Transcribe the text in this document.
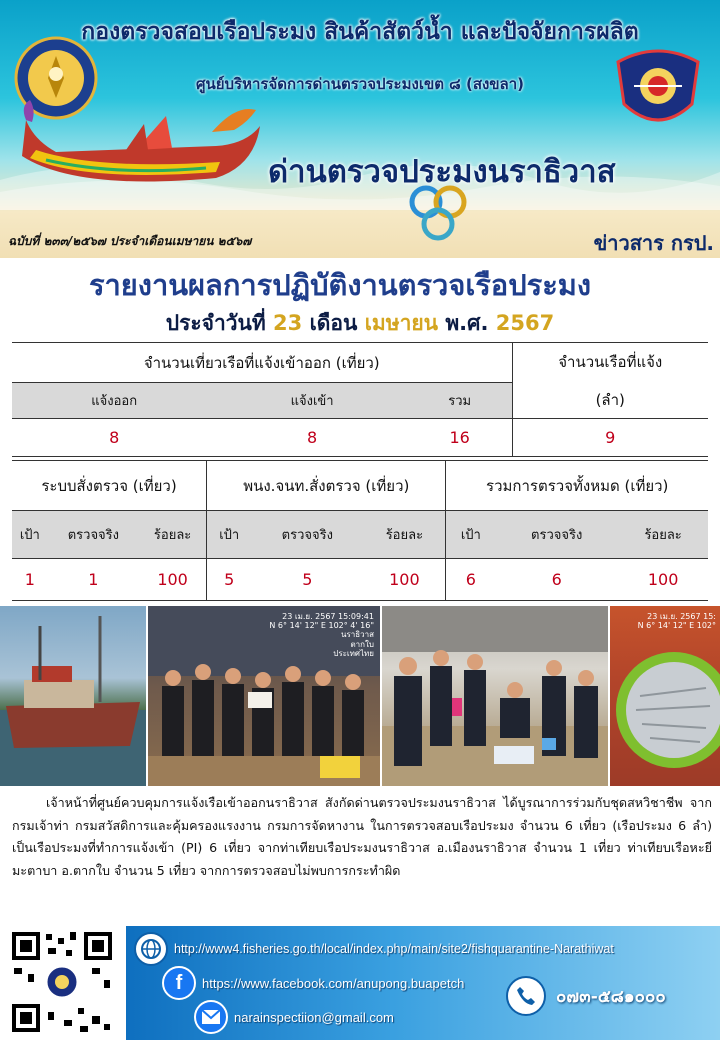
กองตรวจสอบเรือประมง สินค้าสัตว์น้ำ และปัจจัยการผลิต
ศูนย์บริหารจัดการด่านตรวจประมงเขต ๘ (สงขลา)
ด่านตรวจประมงนราธิวาส
ฉบับที่ ๒๓๓/๒๕๖๗ ประจำเดือนเมษายน ๒๕๖๗	ข่าวสาร กรป.
รายงานผลการปฏิบัติงานตรวจเรือประมง
ประจำวันที่ 23 เดือน เมษายน พ.ศ. 2567
จำนวนเที่ยวเรือที่แจ้งเข้าออก (เที่ยว)			จำนวนเรือที่แจ้ง
(ลำ)

แจ้งออก	แจ้งเข้า	รวม	
8	8	16	9
ระบบสั่งตรวจ (เที่ยว)			พนง.จนท.สั่งตรวจ (เที่ยว)			รวมการตรวจทั้งหมด (เที่ยว)		
เป้า	ตรวจจริง	ร้อยละ	เป้า	ตรวจจริง	ร้อยละ	เป้า	ตรวจจริง	ร้อยละ
1	1	100	5	5	100	6	6	100
23 เม.ย. 2567 15:09:41
N 6° 14' 12" E 102° 4' 16"
นราธิวาส
ตากใบ
ประเทศไทย
23 เม.ย. 2567 15:
N 6° 14' 12" E 102°

เจ้าหน้าที่ศูนย์ควบคุมการแจ้งเรือเข้าออกนราธิวาส สังกัดด่านตรวจประมงนราธิวาส ได้บูรณาการร่วมกับชุดสหวิชาชีพ จากกรมเจ้าท่า กรมสวัสดิการและคุ้มครองแรงงาน กรมการจัดหางาน ในการตรวจสอบเรือประมง จำนวน 6 เที่ยว (เรือประมง 6 ลำ) เป็นเรือประมงที่ทำการแจ้งเข้า (PI) 6 เที่ยว จากท่าเทียบเรือประมงนราธิวาส อ.เมืองนราธิวาส จำนวน 1 เที่ยว ท่าเทียบเรือหะยีมะตาบา อ.ตากใบ จำนวน 5 เที่ยว จากการตรวจสอบไม่พบการกระทำผิด

http://www4.fisheries.go.th/local/index.php/main/site2/fishquarantine-Narathiwat
f https://www.facebook.com/anupong.buapetch
narainspectiion@gmail.com
๐๗๓-๕๘๑๐๐๐
